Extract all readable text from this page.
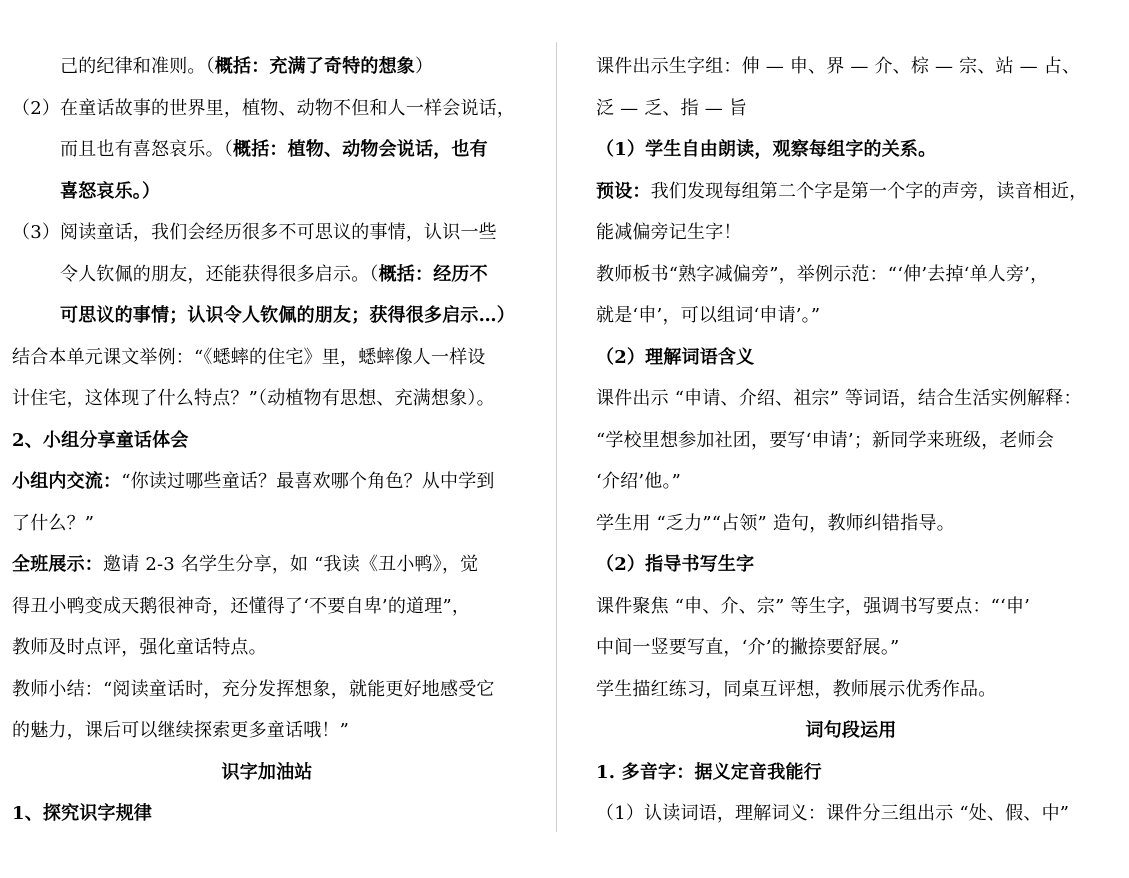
己的纪律和准则。（概括：充满了奇特的想象）
（2）在童话故事的世界里，植物、动物不但和人一样会说话，
而且也有喜怒哀乐。（概括：植物、动物会说话，也有
喜怒哀乐。）
（3）阅读童话，我们会经历很多不可思议的事情，认识一些
令人钦佩的朋友，还能获得很多启示。（概括：经历不
可思议的事情；认识令人钦佩的朋友；获得很多启示…）
结合本单元课文举例：“《蟋蟀的住宅》里，蟋蟀像人一样设
计住宅，这体现了什么特点？”（动植物有思想、充满想象）。
2、小组分享童话体会
小组内交流：“你读过哪些童话？最喜欢哪个角色？从中学到
了什么？”
全班展示：邀请 2-3 名学生分享，如 “我读《丑小鸭》，觉
得丑小鸭变成天鹅很神奇，还懂得了‘不要自卑’的道理”，
教师及时点评，强化童话特点。
教师小结：“阅读童话时，充分发挥想象，就能更好地感受它
的魅力，课后可以继续探索更多童话哦！”
识字加油站
1、探究识字规律
课件出示生字组：伸 — 申、界 — 介、棕 — 宗、站 — 占、
泛 — 乏、指 — 旨
（1）学生自由朗读，观察每组字的关系。
预设：我们发现每组第二个字是第一个字的声旁，读音相近，
能减偏旁记生字！
教师板书“熟字减偏旁”，举例示范：“‘伸’去掉‘单人旁’，
就是‘申’，可以组词‘申请’。”
（2）理解词语含义
课件出示 “申请、介绍、祖宗” 等词语，结合生活实例解释：
“学校里想参加社团，要写‘申请’；新同学来班级，老师会
‘介绍’他。”
学生用 “乏力”“占领” 造句，教师纠错指导。
（2）指导书写生字
课件聚焦 “申、介、宗” 等生字，强调书写要点：“‘申’
中间一竖要写直，‘介’的撇捺要舒展。”
学生描红练习，同桌互评想，教师展示优秀作品。
词句段运用
1. 多音字：据义定音我能行
（1）认读词语，理解词义：课件分三组出示 “处、假、中”
